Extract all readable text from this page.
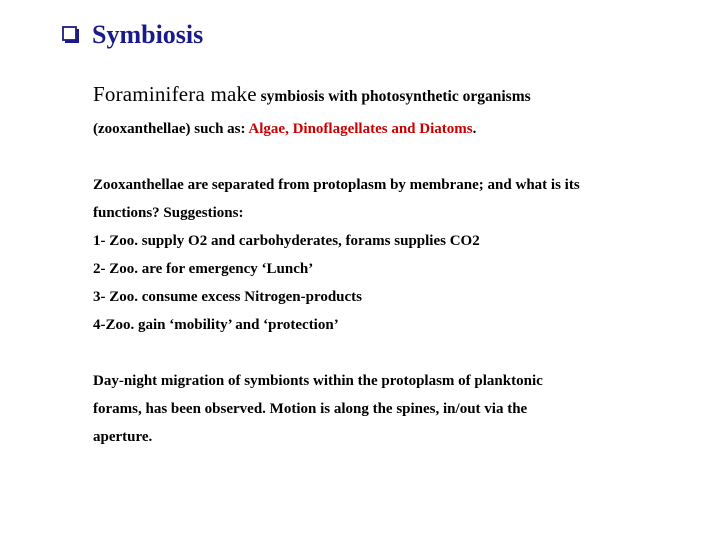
Symbiosis
Foraminifera make symbiosis with photosynthetic organisms
(zooxanthellae) such as: Algae, Dinoflagellates and Diatoms.
Zooxanthellae are separated from protoplasm by membrane; and what is its
functions? Suggestions:
1- Zoo. supply O2 and carbohyderates, forams supplies CO2
2- Zoo. are for emergency ‘Lunch’
3- Zoo. consume excess Nitrogen-products
4-Zoo. gain ‘mobility’ and ‘protection’
Day-night migration of symbionts within the protoplasm of planktonic
forams, has been observed. Motion is along the spines, in/out via the
aperture.
